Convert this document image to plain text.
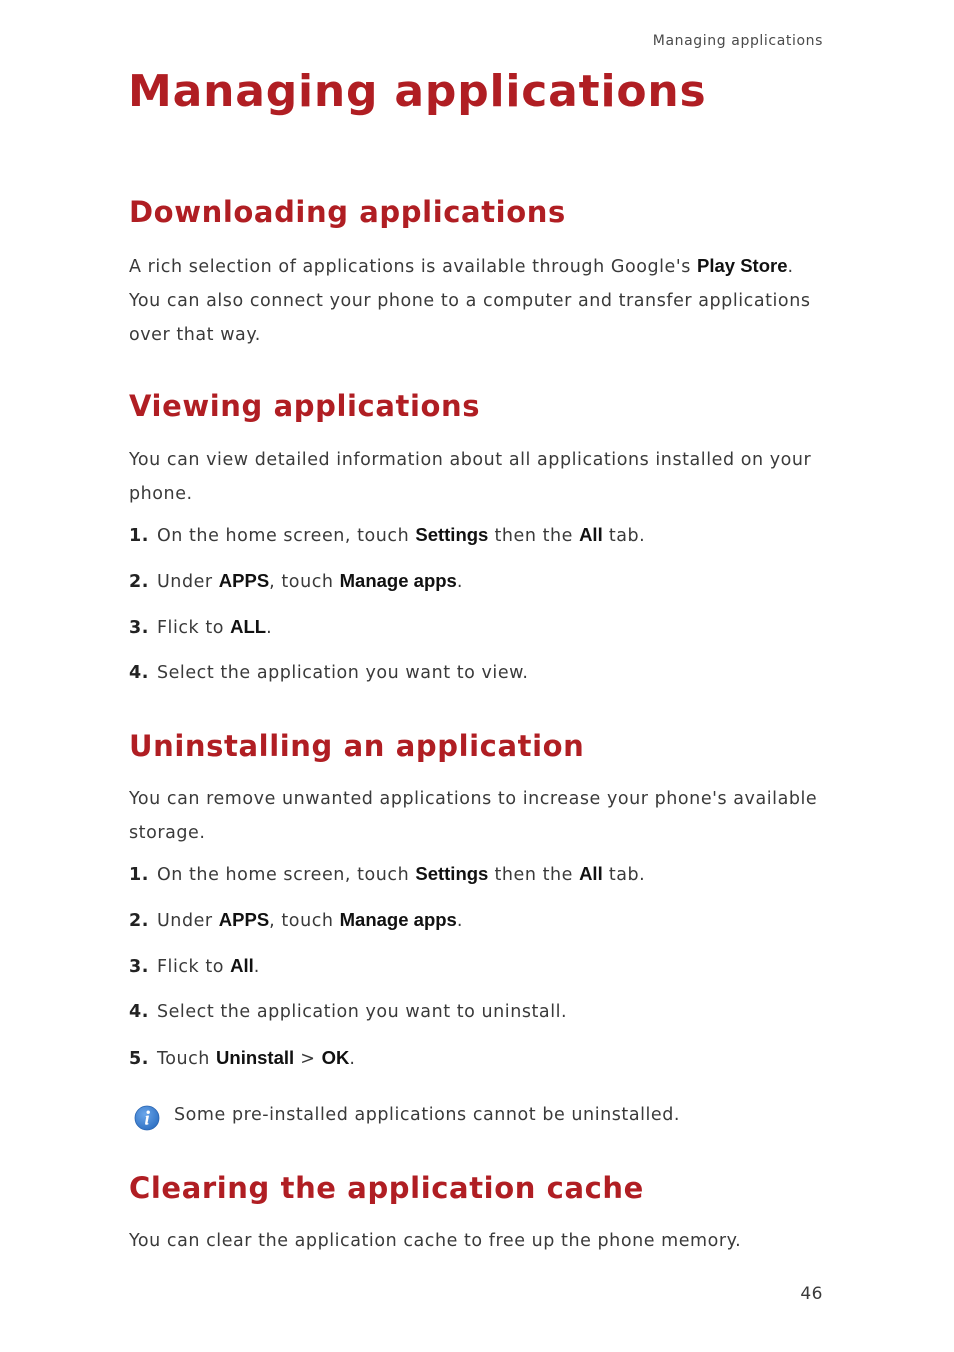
Managing applications
Managing applications
Downloading applications

A rich selection of applications is available through Google's Play Store. You can also connect your phone to a computer and transfer applications over that way.

Viewing applications

You can view detailed information about all applications installed on your phone.

1. On the home screen, touch Settings then the All tab.

2. Under APPS, touch Manage apps.

3. Flick to ALL.

4. Select the application you want to view.

Uninstalling an application

You can remove unwanted applications to increase your phone's available storage.

1. On the home screen, touch Settings then the All tab.

2. Under APPS, touch Manage apps.

3. Flick to All.

4. Select the application you want to uninstall.

5. Touch Uninstall > OK.

Some pre-installed applications cannot be uninstalled.
Clearing the application cache

You can clear the application cache to free up the phone memory.

46
